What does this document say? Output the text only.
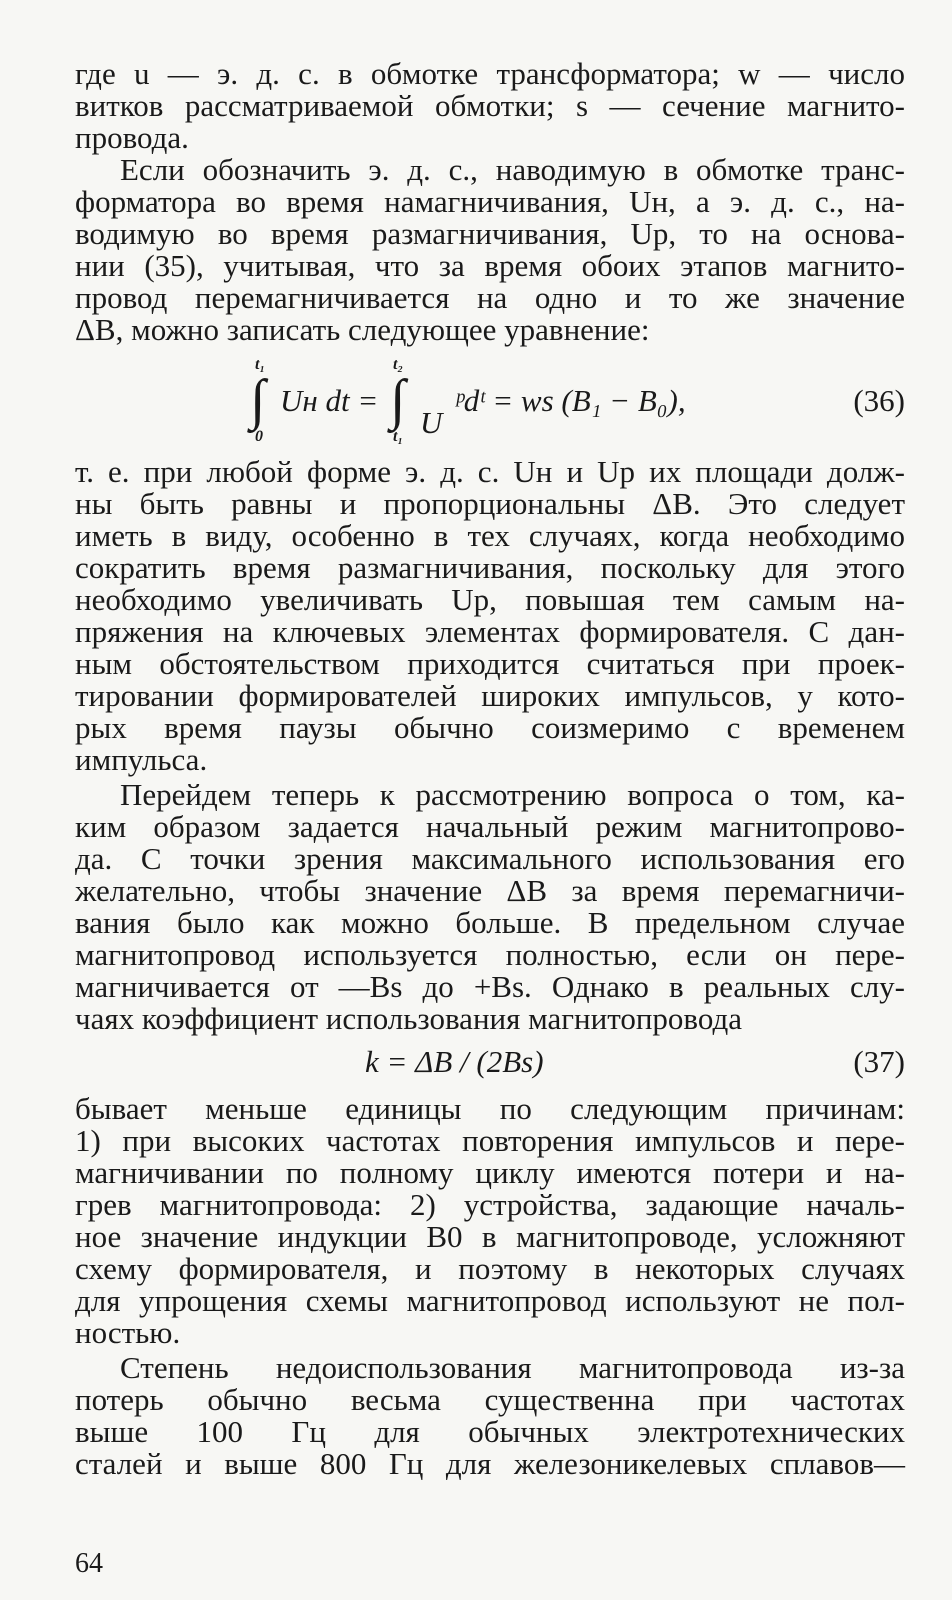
где u — э. д. с. в обмотке трансформатора; w — число
витков рассматриваемой обмотки; s — сечение магнито-
провода.
Если обозначить э. д. с., наводимую в обмотке транс-
форматора во время намагничивания, Uн, а э. д. с., на-
водимую во время размагничивания, Uр, то на основа-
нии (35), учитывая, что за время обоих этапов магнито-
провод перемагничивается на одно и то же значение
ΔB, можно записать следующее уравнение:
t₁
∫
0
Uн dt =
t₂
∫
t₁ U
ᵖdᵗ = ws (B₁ − B₀),	(36)
т. е. при любой форме э. д. с. Uн и Uр их площади долж-
ны быть равны и пропорциональны ΔB. Это следует
иметь в виду, особенно в тех случаях, когда необходимо
сократить время размагничивания, поскольку для этого
необходимо увеличивать Uр, повышая тем самым на-
пряжения на ключевых элементах формирователя. С дан-
ным обстоятельством приходится считаться при проек-
тировании формирователей широких импульсов, у кото-
рых время паузы обычно соизмеримо с временем
импульса.
Перейдем теперь к рассмотрению вопроса о том, ка-
ким образом задается начальный режим магнитопрово-
да. С точки зрения максимального использования его
желательно, чтобы значение ΔB за время перемагничи-
вания было как можно больше. В предельном случае
магнитопровод используется полностью, если он пере-
магничивается от —Bs до +Bs. Однако в реальных слу-
чаях коэффициент использования магнитопровода
k = ΔB / (2Bs)	(37)
бывает меньше единицы по следующим причинам:
1) при высоких частотах повторения импульсов и пере-
магничивании по полному циклу имеются потери и на-
грев магнитопровода: 2) устройства, задающие началь-
ное значение индукции B0 в магнитопроводе, усложняют
схему формирователя, и поэтому в некоторых случаях
для упрощения схемы магнитопровод используют не пол-
ностью.
Степень недоиспользования магнитопровода из-за
потерь обычно весьма существенна при частотах
выше 100 Гц для обычных электротехнических
сталей и выше 800 Гц для железоникелевых сплавов—
64
